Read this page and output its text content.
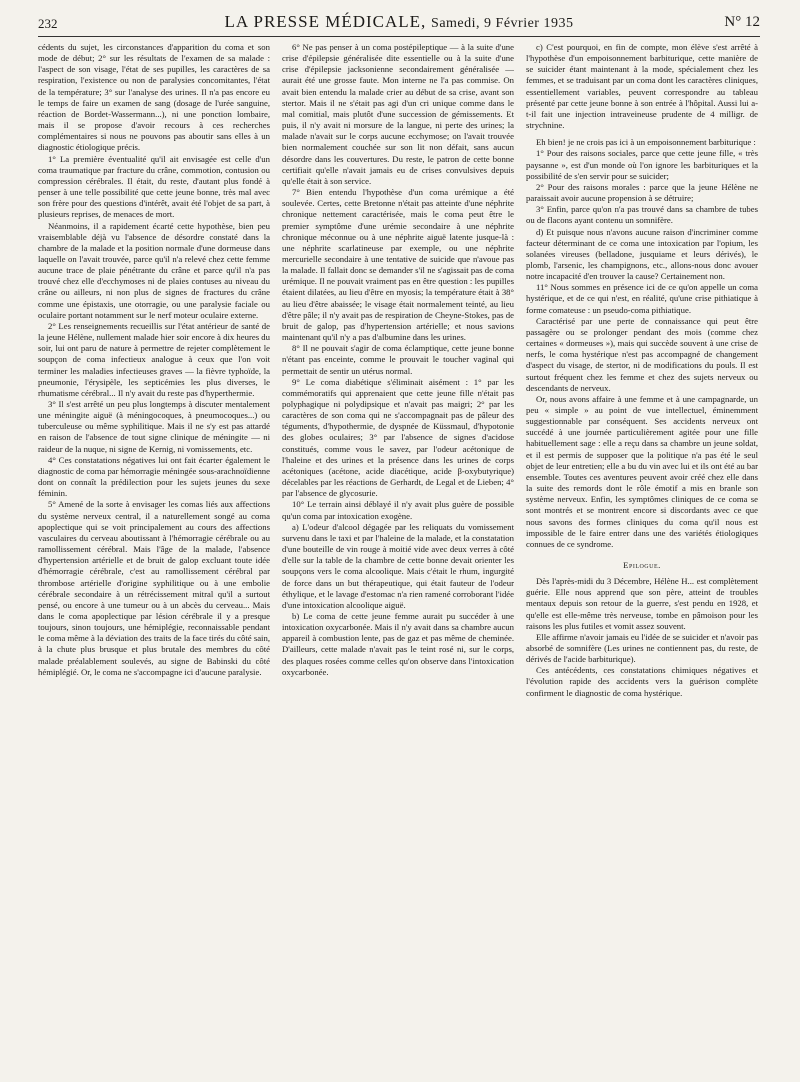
232	LA PRESSE MÉDICALE, Samedi, 9 Février 1935	N° 12

cédents du sujet, les circonstances d'apparition du coma et son mode de début; 2° sur les résultats de l'examen de sa malade : l'aspect de son visage, l'état de ses pupilles, les caractères de sa respiration, l'existence ou non de paralysies concomitantes, l'état de la température; 3° sur l'analyse des urines. Il n'a pas encore eu le temps de faire un examen de sang (dosage de l'urée sanguine, réaction de Bordet-Wassermann...), ni une ponction lombaire, mais il se propose d'avoir recours à ces recherches complémentaires si nous ne pouvons pas aboutir sans elles à un diagnostic étiologique précis.

1° La première éventualité qu'il ait envisagée est celle d'un coma traumatique par fracture du crâne, commotion, contusion ou compression cérébrales. Il était, du reste, d'autant plus fondé à penser à une telle possibilité que cette jeune bonne, très mal avec son frère pour des questions d'intérêt, avait été l'objet de sa part, à plusieurs reprises, de menaces de mort.

Néanmoins, il a rapidement écarté cette hypothèse, bien peu vraisemblable déjà vu l'absence de désordre constaté dans la chambre de la malade et la position normale d'une dormeuse dans laquelle on l'avait trouvée, parce qu'il n'a relevé chez cette femme aucune trace de plaie pénétrante du crâne et parce qu'il n'a pas trouvé chez elle d'ecchymoses ni de plaies contuses au niveau du crâne ou ailleurs, ni non plus de signes de fractures du crâne comme une épistaxis, une otorragie, ou une paralysie faciale ou oculaire portant notamment sur le nerf moteur oculaire externe.

2° Les renseignements recueillis sur l'état antérieur de santé de la jeune Hélène, nullement malade hier soir encore à dix heures du soir, lui ont paru de nature à permettre de rejeter complètement le soupçon de coma infectieux analogue à ceux que l'on voit terminer les maladies infectieuses graves — la fièvre typhoïde, la pneumonie, l'érysipèle, les septicémies les plus diverses, le rhumatisme cérébral... Il n'y avait du reste pas d'hyperthermie.

3° Il s'est arrêté un peu plus longtemps à discuter mentalement une méningite aiguë (à méningocoques, à pneumocoques...) ou tuberculeuse ou même syphilitique. Mais il ne s'y est pas attardé en raison de l'absence de tout signe clinique de méningite — ni raideur de la nuque, ni signe de Kernig, ni vomissements, etc.

4° Ces constatations négatives lui ont fait écarter également le diagnostic de coma par hémorragie méningée sous-arachnoïdienne dont on connaît la prédilection pour les sujets jeunes du sexe féminin.

5° Amené de la sorte à envisager les comas liés aux affections du système nerveux central, il a naturellement songé au coma apoplectique qui se voit principalement au cours des affections vasculaires du cerveau aboutissant à l'hémorragie cérébrale ou au ramollissement cérébral. Mais l'âge de la malade, l'absence d'hypertension artérielle et de bruit de galop excluant toute idée d'hémorragie cérébrale, c'est au ramollissement cérébral par thrombose artérielle d'origine syphilitique ou à une embolie cérébrale secondaire à un rétrécissement mitral qu'il a surtout pensé, ou encore à une tumeur ou à un abcès du cerveau... Mais dans le coma apoplectique par lésion cérébrale il y a presque toujours, sinon toujours, une hémiplégie, reconnaissable pendant le coma même à la déviation des traits de la face tirés du côté sain, à la chute plus brusque et plus brutale des membres du côté malade préalablement soulevés, au signe de Babinski du côté hémiplégié. Or, le coma ne s'accompagne ici d'aucune paralysie.

6° Ne pas penser à un coma postépileptique — à la suite d'une crise d'épilepsie généralisée dite essentielle ou à la suite d'une crise d'épilepsie jacksonienne secondairement généralisée — aurait été une grosse faute. Mon interne ne l'a pas commise. On avait bien entendu la malade crier au début de sa crise, avant son stertor. Mais il ne s'était pas agi d'un cri unique comme dans le mal comitial, mais plutôt d'une succession de gémissements. Et puis, il n'y avait ni morsure de la langue, ni perte des urines; la malade n'avait sur le corps aucune ecchymose; on l'avait trouvée bien normalement couchée sur son lit non défait, sans aucun désordre dans les couvertures. Du reste, le patron de cette bonne certifiait qu'elle n'avait jamais eu de crises convulsives depuis qu'elle était à son service.

7° Bien entendu l'hypothèse d'un coma urémique a été soulevée. Certes, cette Bretonne n'était pas atteinte d'une néphrite chronique nettement caractérisée, mais le coma peut être le premier symptôme d'une urémie secondaire à une néphrite chronique méconnue ou à une néphrite aiguë latente jusque-là : une néphrite scarlatineuse par exemple, ou une néphrite mercurielle secondaire à une tentative de suicide que n'avoue pas la malade. Il fallait donc se demander s'il ne s'agissait pas de coma urémique. Il ne pouvait vraiment pas en être question : les pupilles étaient dilatées, au lieu d'être en myosis; la température était à 38° au lieu d'être abaissée; le visage était normalement teinté, au lieu d'être pâle; il n'y avait pas de respiration de Cheyne-Stokes, pas de bruit de galop, pas d'hypertension artérielle; et nous savions maintenant qu'il n'y a pas d'albumine dans les urines.

8° Il ne pouvait s'agir de coma éclamptique, cette jeune bonne n'étant pas enceinte, comme le prouvait le toucher vaginal qui permettait de sentir un utérus normal.

9° Le coma diabétique s'éliminait aisément : 1° par les commémoratifs qui apprenaient que cette jeune fille n'était pas polyphagique ni polydipsique et n'avait pas maigri; 2° par les caractères de son coma qui ne s'accompagnait pas de pâleur des téguments, d'hypothermie, de dyspnée de Küssmaul, d'hypotonie des globes oculaires; 3° par l'absence de signes d'acidose constitués, comme vous le savez, par l'odeur acétonique de l'haleine et des urines et la présence dans les urines de corps acétoniques (acétone, acide diacétique, acide β-oxybutyrique) décelables par les réactions de Gerhardt, de Legal et de Lieben; 4° par l'absence de glycosurie.

10° Le terrain ainsi déblayé il n'y avait plus guère de possible qu'un coma par intoxication exogène.

a) L'odeur d'alcool dégagée par les reliquats du vomissement survenu dans le taxi et par l'haleine de la malade, et la constatation d'une bouteille de vin rouge à moitié vide avec deux verres à côté d'elle sur la table de la chambre de cette bonne devait orienter les soupçons vers le coma alcoolique. Mais c'était le rhum, ingurgité de force dans un but thérapeutique, qui était fauteur de l'odeur éthylique, et le lavage d'estomac n'a rien ramené corroborant l'idée d'une intoxication alcoolique aiguë.

b) Le coma de cette jeune femme aurait pu succéder à une intoxication oxycarbonée. Mais il n'y avait dans sa chambre aucun appareil à combustion lente, pas de gaz et pas même de cheminée. D'ailleurs, cette malade n'avait pas le teint rosé ni, sur le corps, des plaques rosées comme celles qu'on observe dans l'intoxication oxycarbonée.

c) C'est pourquoi, en fin de compte, mon élève s'est arrêté à l'hypothèse d'un empoisonnement barbiturique, cette manière de se suicider étant maintenant à la mode, spécialement chez les femmes, et se traduisant par un coma dont les caractères cliniques, essentiellement variables, peuvent correspondre au tableau présenté par cette jeune bonne à son entrée à l'hôpital. Aussi lui a-t-il fait une injection intraveineuse prudente de 4 milligr. de strychnine.

Eh bien! je ne crois pas ici à un empoisonnement barbiturique :

1° Pour des raisons sociales, parce que cette jeune fille, « très paysanne », est d'un monde où l'on ignore les barbituriques et la possibilité de s'en servir pour se suicider;

2° Pour des raisons morales : parce que la jeune Hélène ne paraissait avoir aucune propension à se détruire;

3° Enfin, parce qu'on n'a pas trouvé dans sa chambre de tubes ou de flacons ayant contenu un somnifère.

d) Et puisque nous n'avons aucune raison d'incriminer comme facteur déterminant de ce coma une intoxication par l'opium, les solanées vireuses (belladone, jusquiame et leurs dérivés), le plomb, l'arsenic, les champignons, etc., allons-nous donc avouer notre incapacité d'en trouver la cause? Certainement non.

11° Nous sommes en présence ici de ce qu'on appelle un coma hystérique, et de ce qui n'est, en réalité, qu'une crise pithiatique à forme comateuse : un pseudo-coma pithiatique.

Caractérisé par une perte de connaissance qui peut être passagère ou se prolonger pendant des mois (comme chez certaines « dormeuses »), mais qui succède souvent à une crise de nerfs, le coma hystérique n'est pas accompagné de changement d'aspect du visage, de stertor, ni de modifications du pouls. Il est surtout fréquent chez les femme et chez des sujets nerveux ou descendants de nerveux.

Or, nous avons affaire à une femme et à une campagnarde, un peu « simple » au point de vue intellectuel, éminemment suggestionnable par conséquent. Ses accidents nerveux ont succédé à une journée particulièrement agitée pour une fille habituellement sage : elle a reçu dans sa chambre un jeune soldat, et il est permis de supposer que la politique n'a pas été le seul objet de leur entretien; elle a bu du vin avec lui et ils ont été au bar ensemble. Toutes ces aventures peuvent avoir créé chez elle dans la suite des remords dont le rôle émotif a mis en branle son système nerveux. Enfin, les symptômes cliniques de ce coma se sont montrés et se montrent encore si discordants avec ce que nous savons des formes cliniques du coma qu'il nous est impossible de le faire entrer dans une des variétés étiologiques connues de ce syndrome.

Epilogue.

Dès l'après-midi du 3 Décembre, Hélène H... est complètement guérie. Elle nous apprend que son père, atteint de troubles mentaux depuis son retour de la guerre, s'est pendu en 1928, et qu'elle est elle-même très nerveuse, tombe en pâmoison pour les raisons les plus futiles et vomit assez souvent.

Elle affirme n'avoir jamais eu l'idée de se suicider et n'avoir pas absorbé de somnifère (Les urines ne contiennent pas, du reste, de dérivés de l'acide barbiturique).

Ces antécédents, ces constatations chimiques négatives et l'évolution rapide des accidents vers la guérison complète confirment le diagnostic de coma hystérique.
